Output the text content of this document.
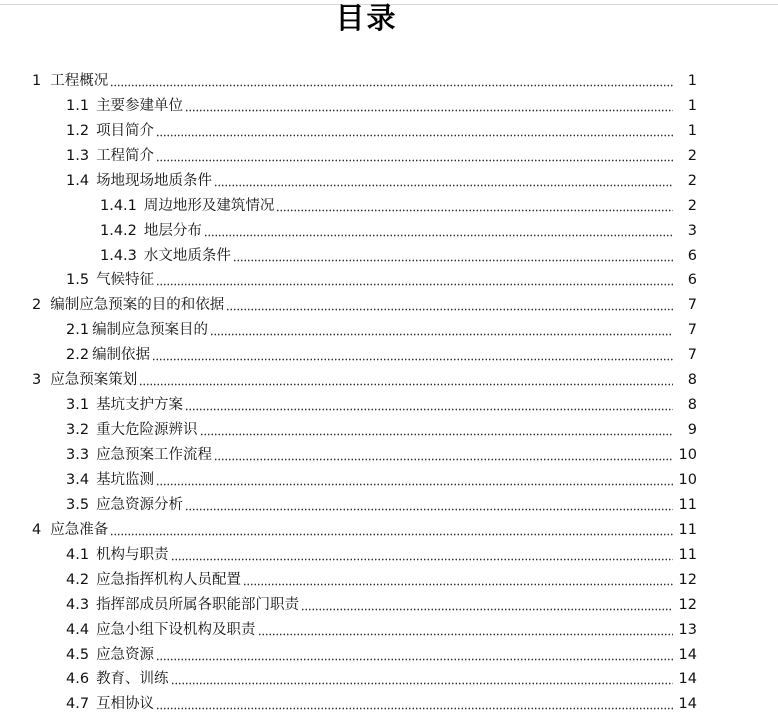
目录
1 工程概况	1
1.1 主要参建单位	1
1.2 项目简介	1
1.3 工程简介	2
1.4 场地现场地质条件	2
1.4.1 周边地形及建筑情况	2
1.4.2 地层分布	3
1.4.3 水文地质条件	6
1.5 气候特征	6
2 编制应急预案的目的和依据	7
2.1 编制应急预案目的	7
2.2 编制依据	7
3 应急预案策划	8
3.1 基坑支护方案	8
3.2 重大危险源辨识	9
3.3 应急预案工作流程	10
3.4 基坑监测	10
3.5 应急资源分析	11
4 应急准备	11
4.1 机构与职责	11
4.2 应急指挥机构人员配置	12
4.3 指挥部成员所属各职能部门职责	12
4.4 应急小组下设机构及职责	13
4.5 应急资源	14
4.6 教育、训练	14
4.7 互相协议	14
